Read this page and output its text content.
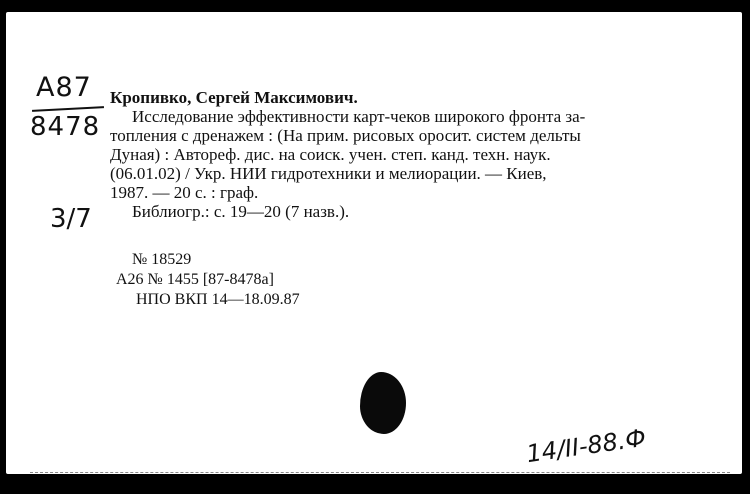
A87
8478
3/7

Кропивко, Сергей Максимович.

Исследование эффективности карт-чеков широкого фронта за-

топления с дренажем : (На прим. рисовых оросит. систем дельты

Дуная) : Автореф. дис. на соиск. учен. степ. канд. техн. наук.

(06.01.02) / Укр. НИИ гидротехники и мелиорации. — Киев,

1987. — 20 с. : граф.

Библиогр.: с. 19—20 (7 назв.).

№ 18529
А26 № 1455 [87-8478а]
НПО ВКП 14—18.09.87
14/II-88.Ф
